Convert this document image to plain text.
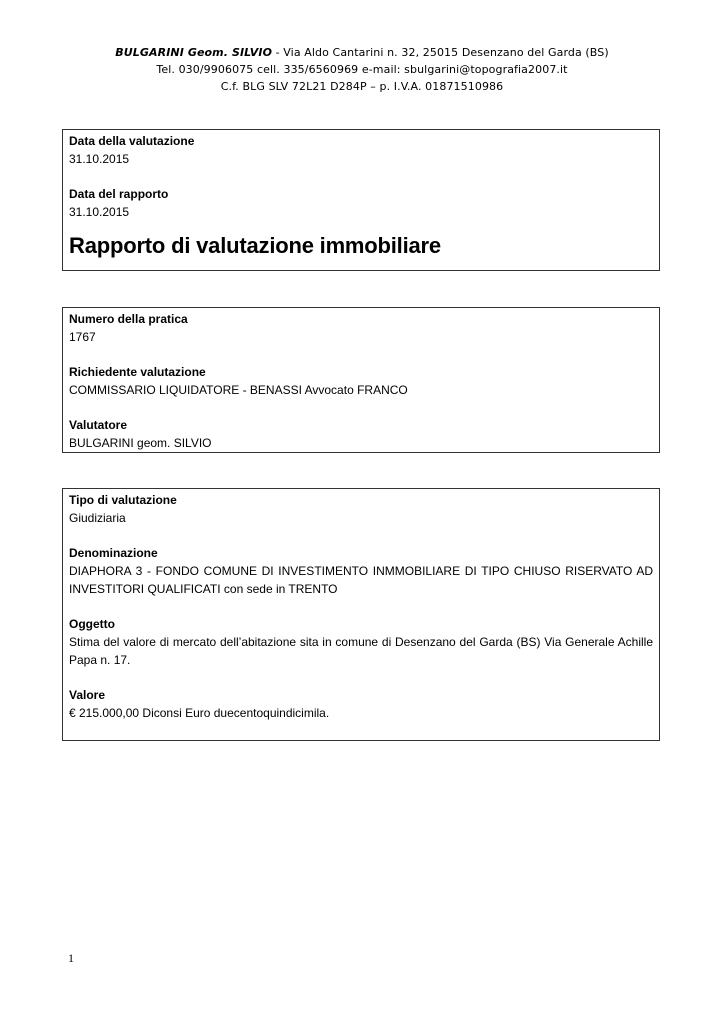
BULGARINI Geom. SILVIO - Via Aldo Cantarini n. 32, 25015 Desenzano del Garda (BS)
Tel. 030/9906075 cell. 335/6560969 e-mail: sbulgarini@topografia2007.it
C.f. BLG SLV 72L21 D284P – p. I.V.A. 01871510986
Data della valutazione
31.10.2015
Data del rapporto
31.10.2015
Rapporto di valutazione immobiliare
Numero della pratica
1767
Richiedente valutazione
COMMISSARIO LIQUIDATORE - BENASSI Avvocato FRANCO
Valutatore
BULGARINI geom. SILVIO
Tipo di valutazione
Giudiziaria
Denominazione
DIAPHORA 3 - FONDO COMUNE DI INVESTIMENTO INMMOBILIARE DI TIPO CHIUSO RISERVATO AD INVESTITORI QUALIFICATI con sede in TRENTO
Oggetto
Stima del valore di mercato dell’abitazione sita in comune di Desenzano del Garda (BS) Via Generale Achille Papa n. 17.
Valore
€ 215.000,00 Diconsi Euro duecentoquindicimila.
1
